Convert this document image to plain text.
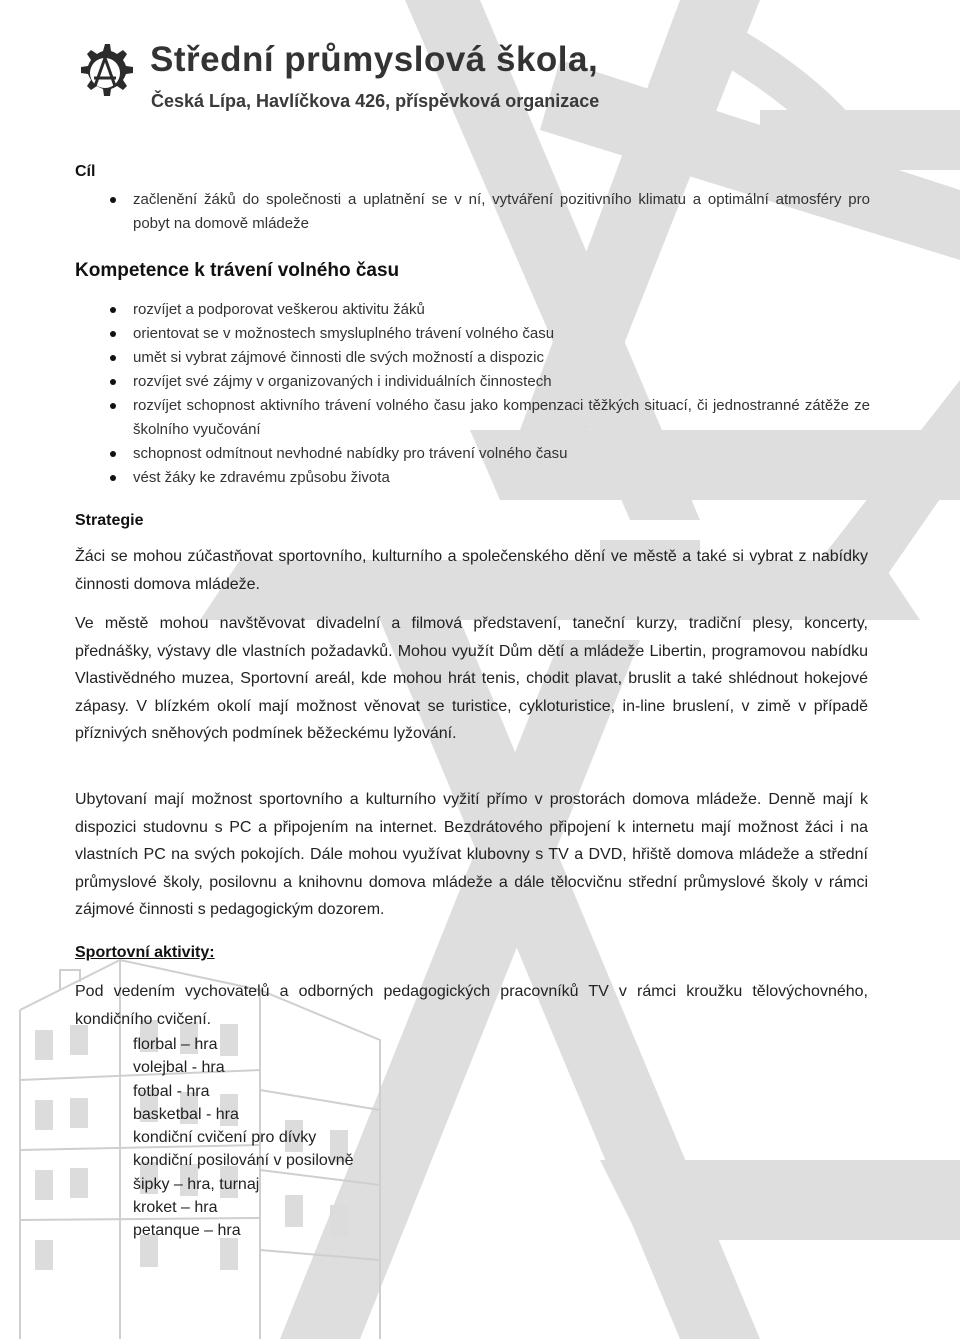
Střední průmyslová škola,

Česká Lípa, Havlíčkova 426, příspěvková organizace

Cíl
začlenění žáků do společnosti a uplatnění se v ní, vytváření pozitivního klimatu a optimální atmosféry pro pobyt na domově mládeže
Kompetence k trávení volného času
rozvíjet a podporovat veškerou aktivitu žáků
orientovat se v možnostech smysluplného trávení volného času
umět si vybrat zájmové činnosti dle svých možností a dispozic
rozvíjet své zájmy v organizovaných i individuálních činnostech
rozvíjet schopnost aktivního trávení volného času jako kompenzaci těžkých situací, či jednostranné zátěže ze školního vyučování
schopnost odmítnout nevhodné nabídky pro trávení volného času
vést žáky ke zdravému způsobu života
Strategie

Žáci se mohou zúčastňovat sportovního, kulturního a společenského dění ve městě a také si vybrat z nabídky činnosti domova mládeže.

Ve městě mohou navštěvovat divadelní a filmová představení, taneční kurzy, tradiční plesy, koncerty, přednášky, výstavy dle vlastních požadavků. Mohou využít Dům dětí a mládeže Libertin, programovou nabídku Vlastivědného muzea, Sportovní areál, kde mohou hrát tenis, chodit plavat, bruslit a také shlédnout hokejové zápasy. V blízkém okolí mají možnost věnovat se turistice, cykloturistice, in-line bruslení, v zimě v případě příznivých sněhových podmínek běžeckému lyžování.

Ubytovaní mají možnost sportovního a kulturního vyžití přímo v prostorách domova mládeže. Denně mají k dispozici studovnu s PC a připojením na internet. Bezdrátového připojení k internetu mají možnost žáci i na vlastních PC na svých pokojích. Dále mohou využívat klubovny s TV a DVD, hřiště domova mládeže a střední průmyslové školy, posilovnu a knihovnu domova mládeže a dále tělocvičnu střední průmyslové školy v rámci zájmové činnosti s pedagogickým dozorem.

Sportovní aktivity:

Pod vedením vychovatelů a odborných pedagogických pracovníků TV v rámci kroužku tělovýchovného, kondičního cvičení.

florbal – hra
volejbal - hra
fotbal - hra
basketbal - hra
kondiční cvičení pro dívky
kondiční posilování v posilovně
šipky – hra, turnaj
kroket – hra
petanque – hra
